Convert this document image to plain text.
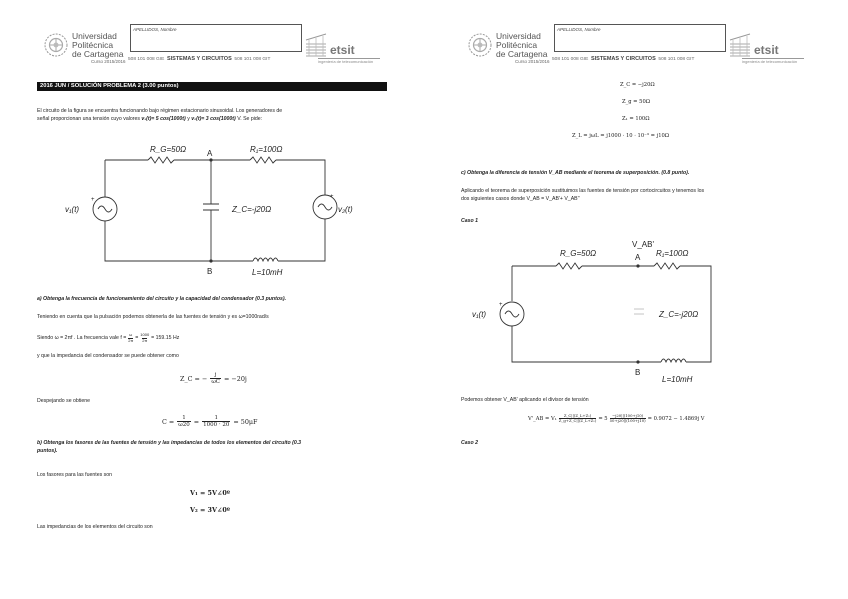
Universidad
Politécnica
de Cartagena
Curso 2015/2016
APELLIDOS, Nombre
508 101 008 GIE SISTEMAS Y CIRCUITOS 508 101 008 GIT
etsit
ingeniería de telecomunicación
2016 JUN / SOLUCIÓN PROBLEMA 2 (3.00 puntos)
El circuito de la figura se encuentra funcionando bajo régimen estacionario sinusoidal. Los generadores de
señal proporcionan una tensión cuyo valores v₁(t)= 5 cos(1000t) y v₂(t)= 3 cos(1000t) V. Se pide:
R_G=50Ω	R₁=100Ω
A
B
Z_C=-j20Ω
v₁(t)	v₂(t)
+	+
L=10mH
a) Obtenga la frecuencia de funcionamiento del circuito y la capacidad del condensador (0.3 puntos).
Teniendo en cuenta que la pulsación podemos obtenerla de las fuentes de tensión y es ω=1000rad/s
Siendo ω = 2πf . La frecuencia vale $f = \frac{\omega}{2\pi} = \frac{1000}{2\pi} = 159.15$ Hz
y que la impedancia del condensador se puede obtener como
Z_C = − $\frac{j}{\omega C} = -20j$
Despejando se obtiene
$C = \frac{1}{\omega 20} = \frac{1}{1000 \cdot 20} = 50\mu F$
b) Obtenga los fasores de las fuentes de tensión y las impedancias de todos los elementos del circuito (0.3
puntos).
Los fasores para las fuentes son
V₁ = 5V∠0º
V₂ = 3V∠0º
Las impedancias de los elementos del circuito son
Universidad
Politécnica
de Cartagena
Curso 2015/2016
APELLIDOS, Nombre
508 101 008 GIE SISTEMAS Y CIRCUITOS 508 101 008 GIT
etsit
ingeniería de telecomunicación
Z_C = −j20Ω
Z_g = 50Ω
Z₁ = 100Ω
Z_L = jωL = j1000 · 10 · 10⁻³ = j10Ω
c) Obtenga la diferencia de tensión V_AB mediante el teorema de superposición. (0.8 punto).
Aplicando el teorema de superposición sustituimos las fuentes de tensión por cortocircuitos y tenemos los
dos siguientes casos donde V_AB = V_AB'+ V_AB''
Caso 1
R_G=50Ω	R₁=100Ω
V_AB'
A
B
Z_C=-j20Ω
v₁(t)
+
L=10mH
Podemos obtener V_AB' aplicando el divisor de tensión
V'_AB = $V_1 \frac{\text{Z\_C||(Z\_L+Z₁)}}{\text{Z\_g+Z\_C||(Z\_L+Z₁)}} = 5 \frac{-j20||(100+j10)}{50+j20||(100+j10)} = 0.9072 - 1.4869j$ V
Caso 2
